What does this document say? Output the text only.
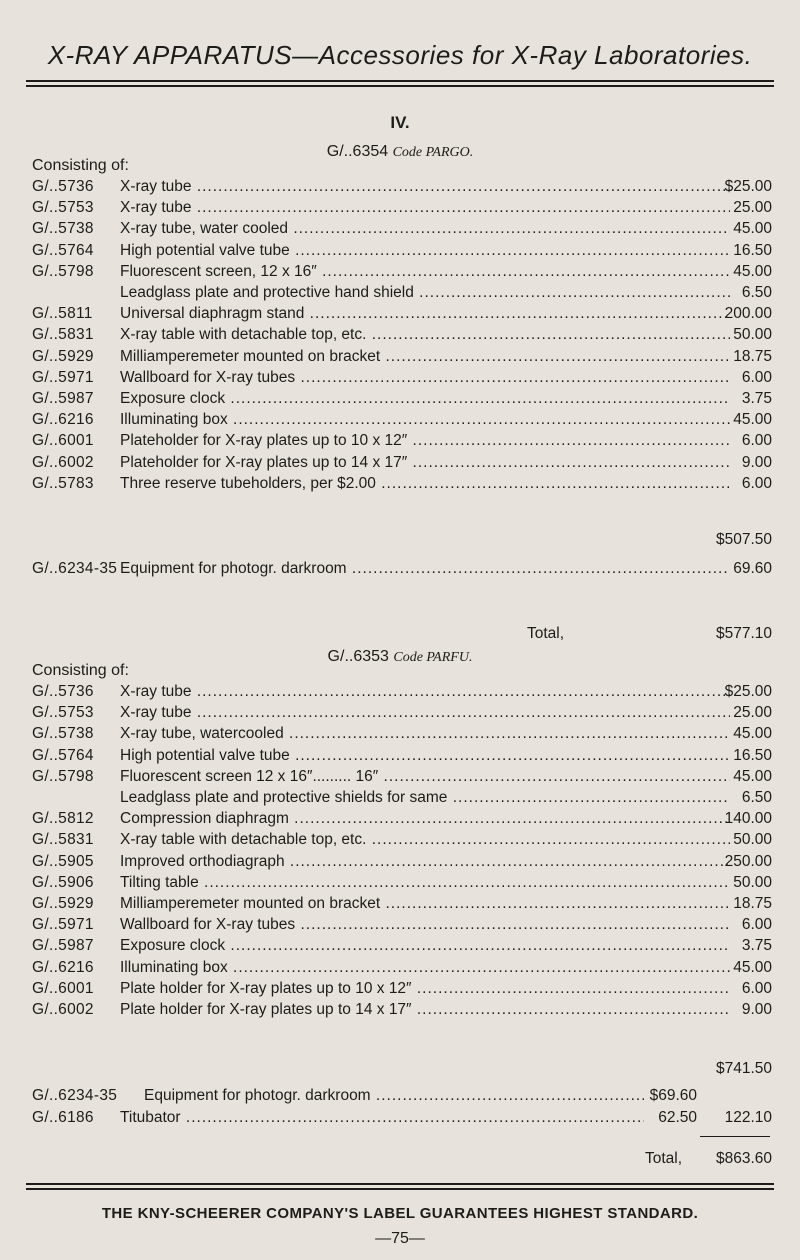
X-RAY APPARATUS—Accessories for X-Ray Laboratories.
IV.
G/..6354 Code PARGO.
Consisting of:
G/..5736	X-ray tube .....	$25.00
G/..5753	X-ray tube .....	25.00
G/..5738	X-ray tube, water cooled .....	45.00
G/..5764	High potential valve tube .....	16.50
G/..5798	Fluorescent screen, 12 x 16″ .....	45.00
Leadglass plate and protective hand shield .....	6.50
G/..5811	Universal diaphragm stand .....	200.00
G/..5831	X-ray table with detachable top, etc. .....	50.00
G/..5929	Milliamperemeter mounted on bracket .....	18.75
G/..5971	Wallboard for X-ray tubes .....	6.00
G/..5987	Exposure clock .....	3.75
G/..6216	Illuminating box .....	45.00
G/..6001	Plateholder for X-ray plates up to 10 x 12″ .....	6.00
G/..6002	Plateholder for X-ray plates up to 14 x 17″ .....	9.00
G/..5783	Three reserve tubeholders, per $2.00 .....	6.00
$507.50
G/..6234-35 Equipment for photogr. darkroom .....	69.60
Total,	$577.10
G/..6353 Code PARFU.
Consisting of:
G/..5736	X-ray tube .....	$25.00
G/..5753	X-ray tube .....	25.00
G/..5738	X-ray tube, watercooled .....	45.00
G/..5764	High potential valve tube .....	16.50
G/..5798	Fluorescent screen 12 x 16″......... 16″ .....	45.00
Leadglass plate and protective shields for same .....	6.50
G/..5812	Compression diaphragm .....	140.00
G/..5831	X-ray table with detachable top, etc. .....	50.00
G/..5905	Improved orthodiagraph .....	250.00
G/..5906	Tilting table .....	50.00
G/..5929	Milliamperemeter mounted on bracket .....	18.75
G/..5971	Wallboard for X-ray tubes .....	6.00
G/..5987	Exposure clock .....	3.75
G/..6216	Illuminating box .....	45.00
G/..6001	Plate holder for X-ray plates up to 10 x 12″ .....	6.00
G/..6002	Plate holder for X-ray plates up to 14 x 17″ .....	9.00
$741.50
G/..6234-35	Equipment for photogr. darkroom .....	$69.60
G/..6186	Titubator .....	62.50	122.10
Total, $863.60
THE KNY-SCHEERER COMPANY'S LABEL GUARANTEES HIGHEST STANDARD.
—75—
